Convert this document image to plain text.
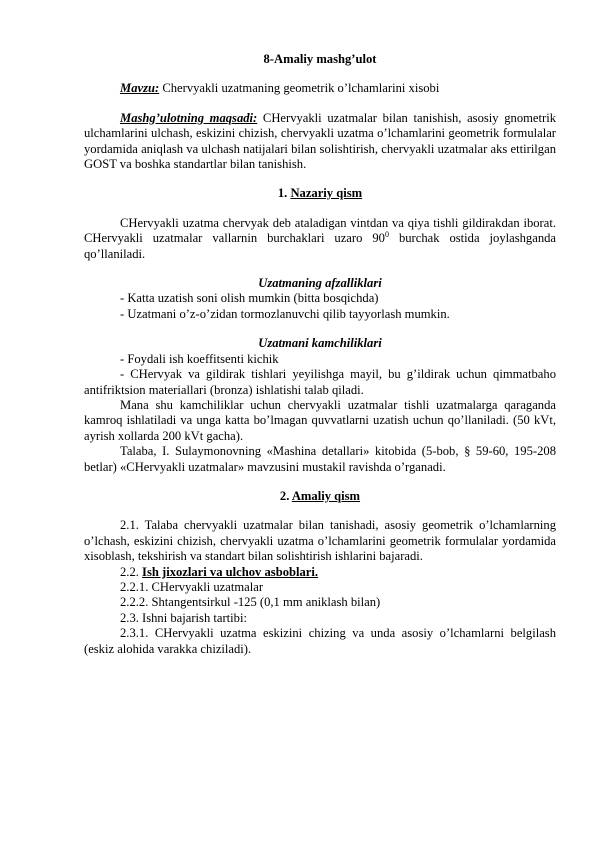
8-Amaliy mashg’ulot

Mavzu: Chervyakli uzatmaning geometrik o’lchamlarini xisobi

Mashg’ulotning maqsadi: CHervyakli uzatmalar bilan tanishish, asosiy gnometrik ulchamlarini ulchash, eskizini chizish, chervyakli uzatma o’lchamlarini geometrik formulalar yordamida aniqlash va ulchash natijalari bilan solishtirish, chervyakli uzatmalar aks ettirilgan GOST va boshka standartlar bilan tanishish.

1. Nazariy qism

CHervyakli uzatma chervyak deb ataladigan vintdan va qiya tishli gildirakdan iborat. CHervyakli uzatmalar vallarnin burchaklari uzaro $90^0$ burchak ostida joylashganda qo’llaniladi.

Uzatmaning afzalliklari

- Katta uzatish soni olish mumkin (bitta bosqichda)

- Uzatmani o’z-o’zidan tormozlanuvchi qilib tayyorlash mumkin.

Uzatmani kamchiliklari

- Foydali ish koeffitsenti kichik

- CHervyak va gildirak tishlari yeyilishga mayil, bu g’ildirak uchun qimmatbaho antifriktsion materiallari (bronza) ishlatishi talab qiladi.

Mana shu kamchiliklar uchun chervyakli uzatmalar tishli uzatmalarga qaraganda kamroq ishlatiladi va unga katta bo’lmagan quvvatlarni uzatish uchun qo’llaniladi. (50 kVt, ayrish xollarda 200 kVt gacha).

Talaba, I. Sulaymonovning «Mashina detallari» kitobida (5-bob, § 59-60, 195-208 betlar) «CHervyakli uzatmalar» mavzusini mustakil ravishda o’rganadi.

2. Amaliy qism

2.1. Talaba chervyakli uzatmalar bilan tanishadi, asosiy geometrik o’lchamlarning o’lchash, eskizini chizish, chervyakli uzatma o’lchamlarini geometrik formulalar yordamida xisoblash, tekshirish va standart bilan solishtirish ishlarini bajaradi.

2.2. Ish jixozlari va ulchov asboblari.

2.2.1. CHervyakli uzatmalar

2.2.2. Shtangentsirkul -125 (0,1 mm aniklash bilan)

2.3. Ishni bajarish tartibi:

2.3.1. CHervyakli uzatma eskizini chizing va unda asosiy o’lchamlarni belgilash (eskiz alohida varakka chiziladi).
